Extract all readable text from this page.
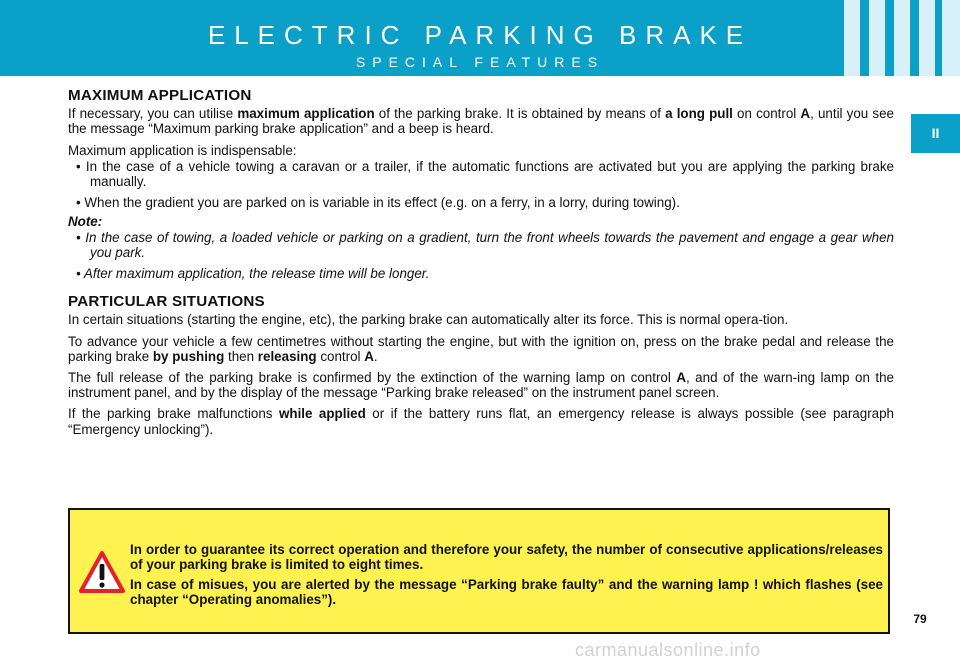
ELECTRIC PARKING BRAKE
SPECIAL FEATURES
II
MAXIMUM APPLICATION

If necessary, you can utilise maximum application of the parking brake. It is obtained by means of a long pull on control A, until you see the message “Maximum parking brake application” and a beep is heard.

Maximum application is indispensable:

• In the case of a vehicle towing a caravan or a trailer, if the automatic functions are activated but you are applying the parking brake manually.

• When the gradient you are parked on is variable in its effect (e.g. on a ferry, in a lorry, during towing).

Note:

• In the case of towing, a loaded vehicle or parking on a gradient, turn the front wheels towards the pavement and engage a gear when you park.

• After maximum application, the release time will be longer.

PARTICULAR SITUATIONS

In certain situations (starting the engine, etc), the parking brake can automatically alter its force. This is normal opera-tion.

To advance your vehicle a few centimetres without starting the engine, but with the ignition on, press on the brake pedal and release the parking brake by pushing then releasing control A.

The full release of the parking brake is confirmed by the extinction of the warning lamp on control A, and of the warn-ing lamp on the instrument panel, and by the display of the message “Parking brake released” on the instrument panel screen.

If the parking brake malfunctions while applied or if the battery runs flat, an emergency release is always possible (see paragraph “Emergency unlocking”).

In order to guarantee its correct operation and therefore your safety, the number of consecutive applications/releases of your parking brake is limited to eight times.

In case of misues, you are alerted by the message “Parking brake faulty” and the warning lamp ! which flashes (see chapter “Operating anomalies”).

79
carmanualsonline.info
